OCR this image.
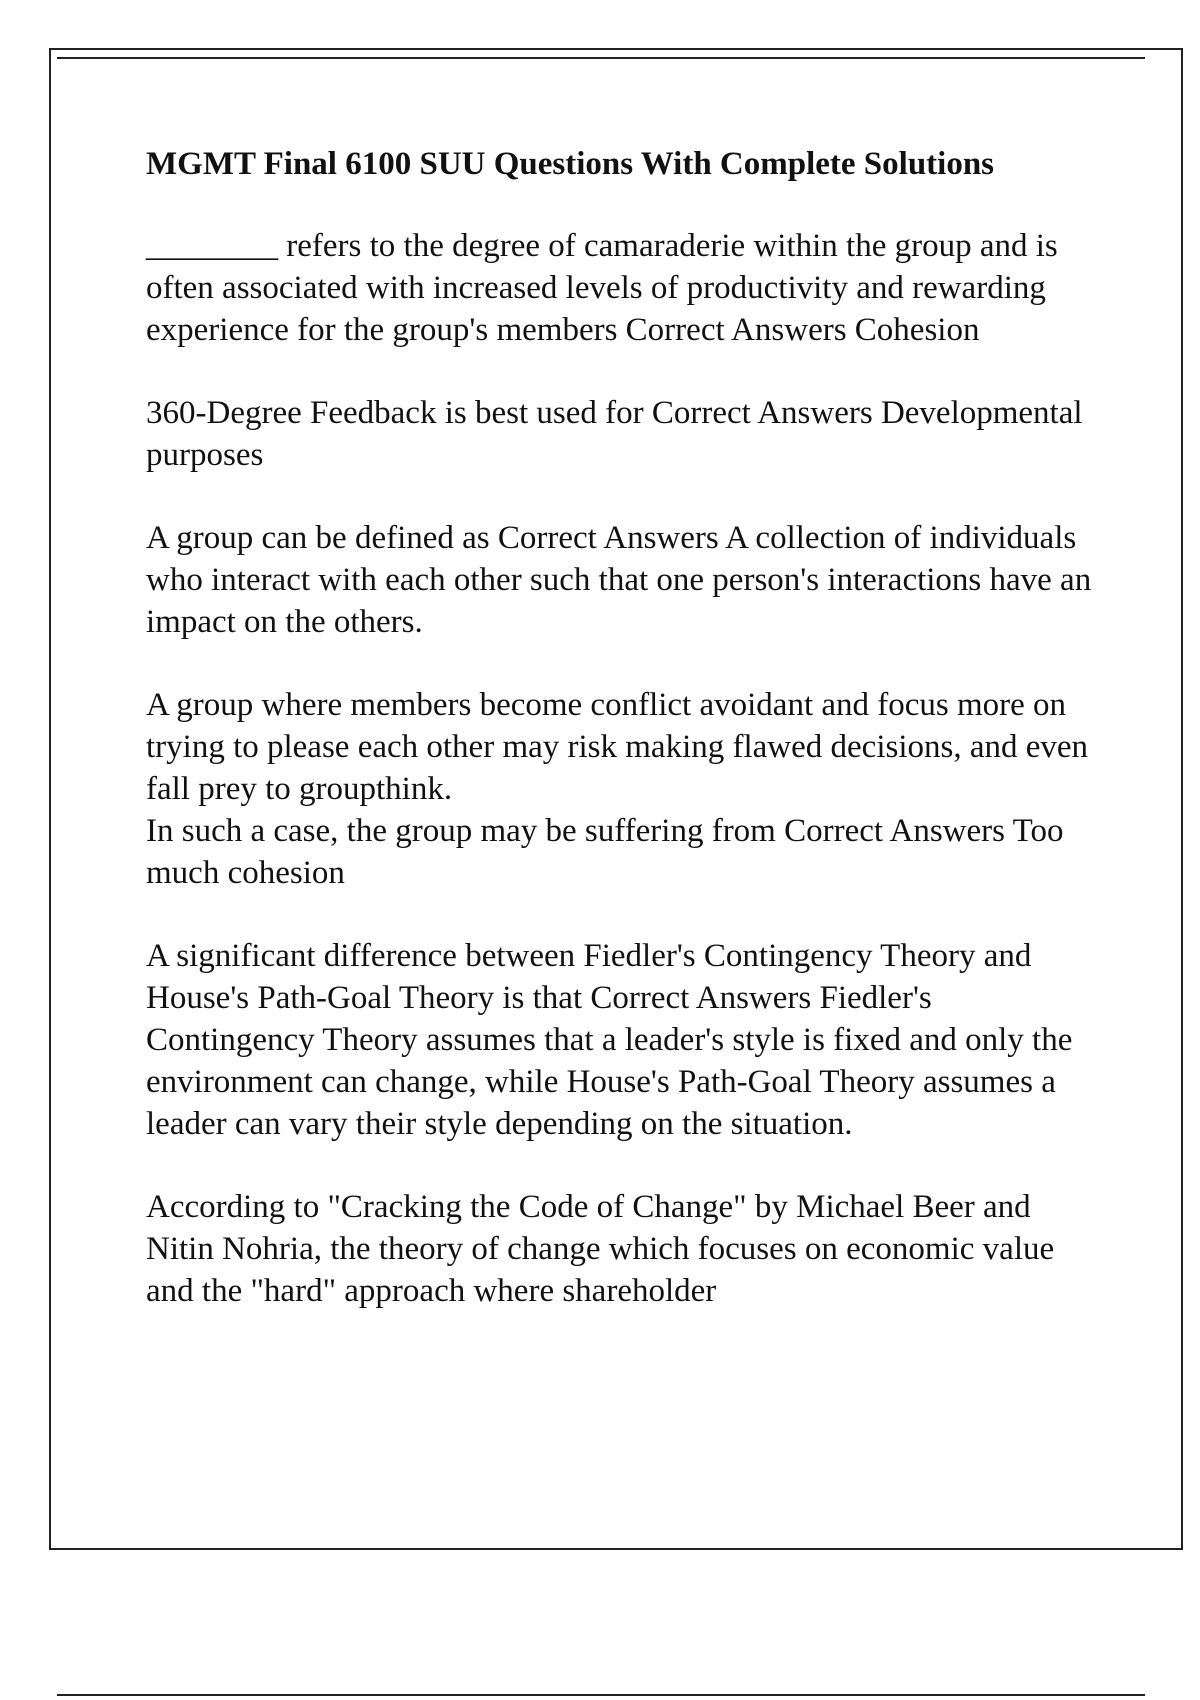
MGMT Final 6100 SUU Questions With Complete Solutions

________ refers to the degree of camaraderie within the group and is often associated with increased levels of productivity and rewarding experience for the group's members Correct Answers Cohesion

360-Degree Feedback is best used for Correct Answers Developmental purposes

A group can be defined as Correct Answers A collection of individuals who interact with each other such that one person's interactions have an impact on the others.

A group where members become conflict avoidant and focus more on trying to please each other may risk making flawed decisions, and even fall prey to groupthink.
In such a case, the group may be suffering from Correct Answers Too much cohesion

A significant difference between Fiedler's Contingency Theory and House's Path-Goal Theory is that Correct Answers Fiedler's Contingency Theory assumes that a leader's style is fixed and only the environment can change, while House's Path-Goal Theory assumes a leader can vary their style depending on the situation.

According to "Cracking the Code of Change" by Michael Beer and Nitin Nohria, the theory of change which focuses on economic value and the "hard" approach where shareholder
